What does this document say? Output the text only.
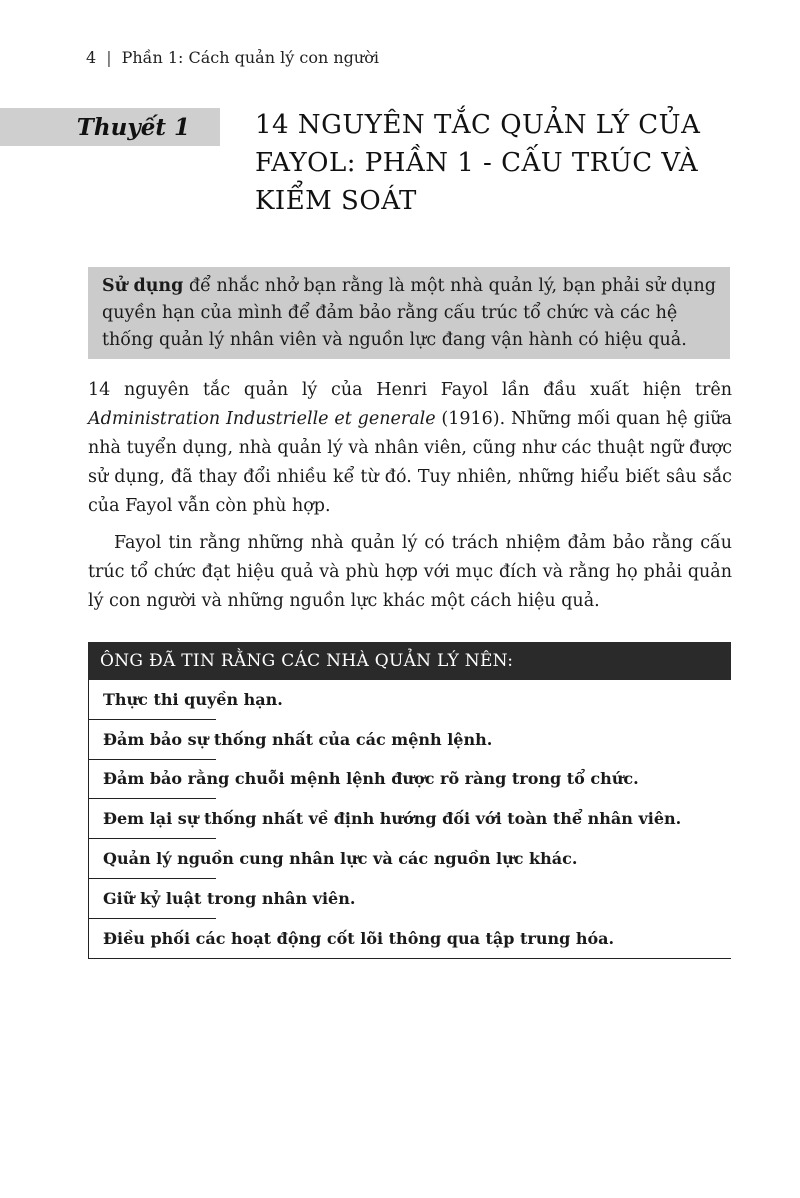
4 | Phần 1: Cách quản lý con người
Thuyết 1	14 NGUYÊN TẮC QUẢN LÝ CỦA
FAYOL: PHẦN 1 - CẤU TRÚC VÀ
KIỂM SOÁT
Sử dụng để nhắc nhở bạn rằng là một nhà quản lý, bạn phải sử dụng quyền hạn của mình để đảm bảo rằng cấu trúc tổ chức và các hệ thống quản lý nhân viên và nguồn lực đang vận hành có hiệu quả.

14 nguyên tắc quản lý của Henri Fayol lần đầu xuất hiện trên Administration Industrielle et generale (1916). Những mối quan hệ giữa nhà tuyển dụng, nhà quản lý và nhân viên, cũng như các thuật ngữ được sử dụng, đã thay đổi nhiều kể từ đó. Tuy nhiên, những hiểu biết sâu sắc của Fayol vẫn còn phù hợp.

Fayol tin rằng những nhà quản lý có trách nhiệm đảm bảo rằng cấu trúc tổ chức đạt hiệu quả và phù hợp với mục đích và rằng họ phải quản lý con người và những nguồn lực khác một cách hiệu quả.

ÔNG ĐÃ TIN RẰNG CÁC NHÀ QUẢN LÝ NÊN:
Thực thi quyền hạn.
Đảm bảo sự thống nhất của các mệnh lệnh.
Đảm bảo rằng chuỗi mệnh lệnh được rõ ràng trong tổ chức.
Đem lại sự thống nhất về định hướng đối với toàn thể nhân viên.
Quản lý nguồn cung nhân lực và các nguồn lực khác.
Giữ kỷ luật trong nhân viên.
Điều phối các hoạt động cốt lõi thông qua tập trung hóa.
